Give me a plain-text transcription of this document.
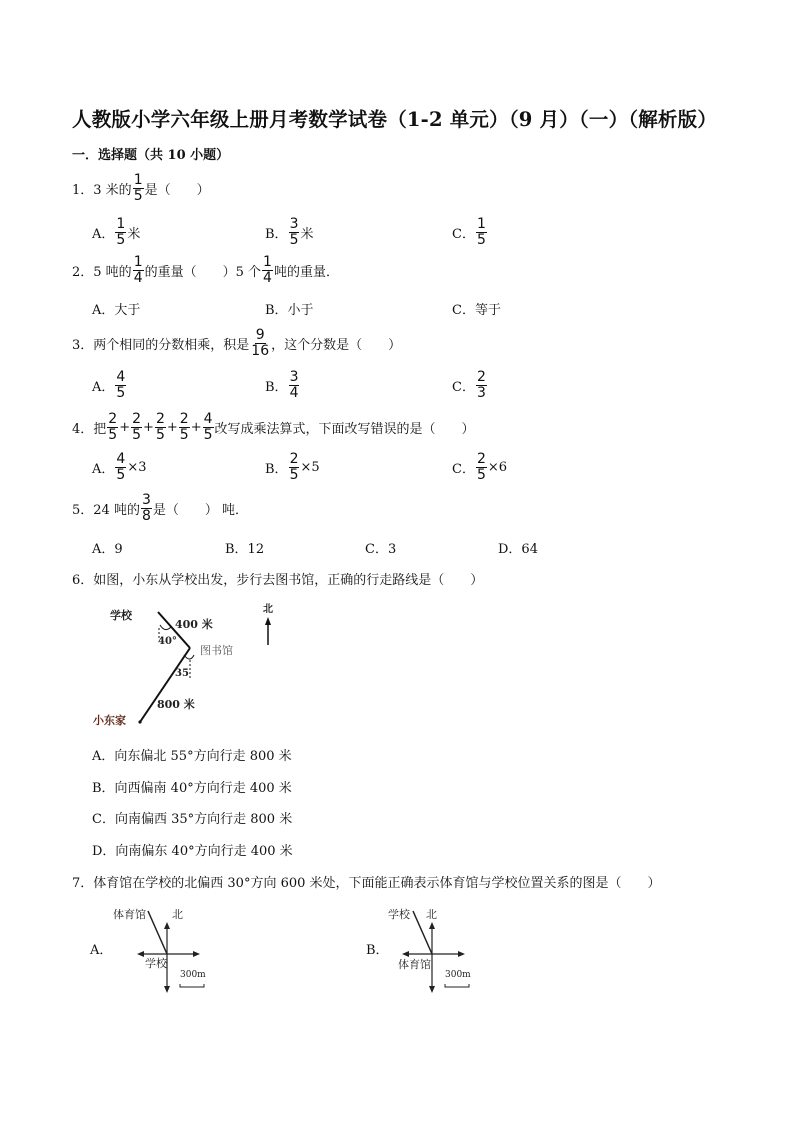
人教版小学六年级上册月考数学试卷（1-2 单元）（9 月）（一）（解析版）
一．选择题（共 10 小题）
1．3 米的 $\frac{1}{5}$ 是（　　）
A． $\frac{1}{5}$ 米	B． $\frac{3}{5}$ 米	C． $\frac{1}{5}$
2．5 吨的 $\frac{1}{4}$ 的重量（　　）5 个 $\frac{1}{4}$ 吨的重量．
A．大于	B．小于	C．等于
3．两个相同的分数相乘，积是 $\frac{9}{16}$ ，这个分数是（　　）
A． $\frac{4}{5}$	B． $\frac{3}{4}$	C． $\frac{2}{3}$
4．把 $\frac{2}{5} + \frac{2}{5} + \frac{2}{5} + \frac{2}{5} + \frac{4}{5}$ 改写成乘法算式，下面改写错误的是（　　）
A． $\frac{4}{5} \times 3$	B． $\frac{2}{5} \times 5$	C． $\frac{2}{5} \times 6$
5．24 吨的 $\frac{3}{8}$ 是（　　） 吨．
A．9	B．12	C．3	D．64
6．如图，小东从学校出发，步行去图书馆，正确的行走路线是（　　）
A．向东偏北 55°方向行走 800 米
B．向西偏南 40°方向行走 400 米
C．向南偏西 35°方向行走 800 米
D．向南偏东 40°方向行走 400 米
7．体育馆在学校的北偏西 30°方向 600 米处，下面能正确表示体育馆与学校位置关系的图是（　　）
A．	B．
学校
400 米
40°
图书馆
35
800 米
小东家
北
体育馆 北
学校
300m
学校 北
体育馆
300m
